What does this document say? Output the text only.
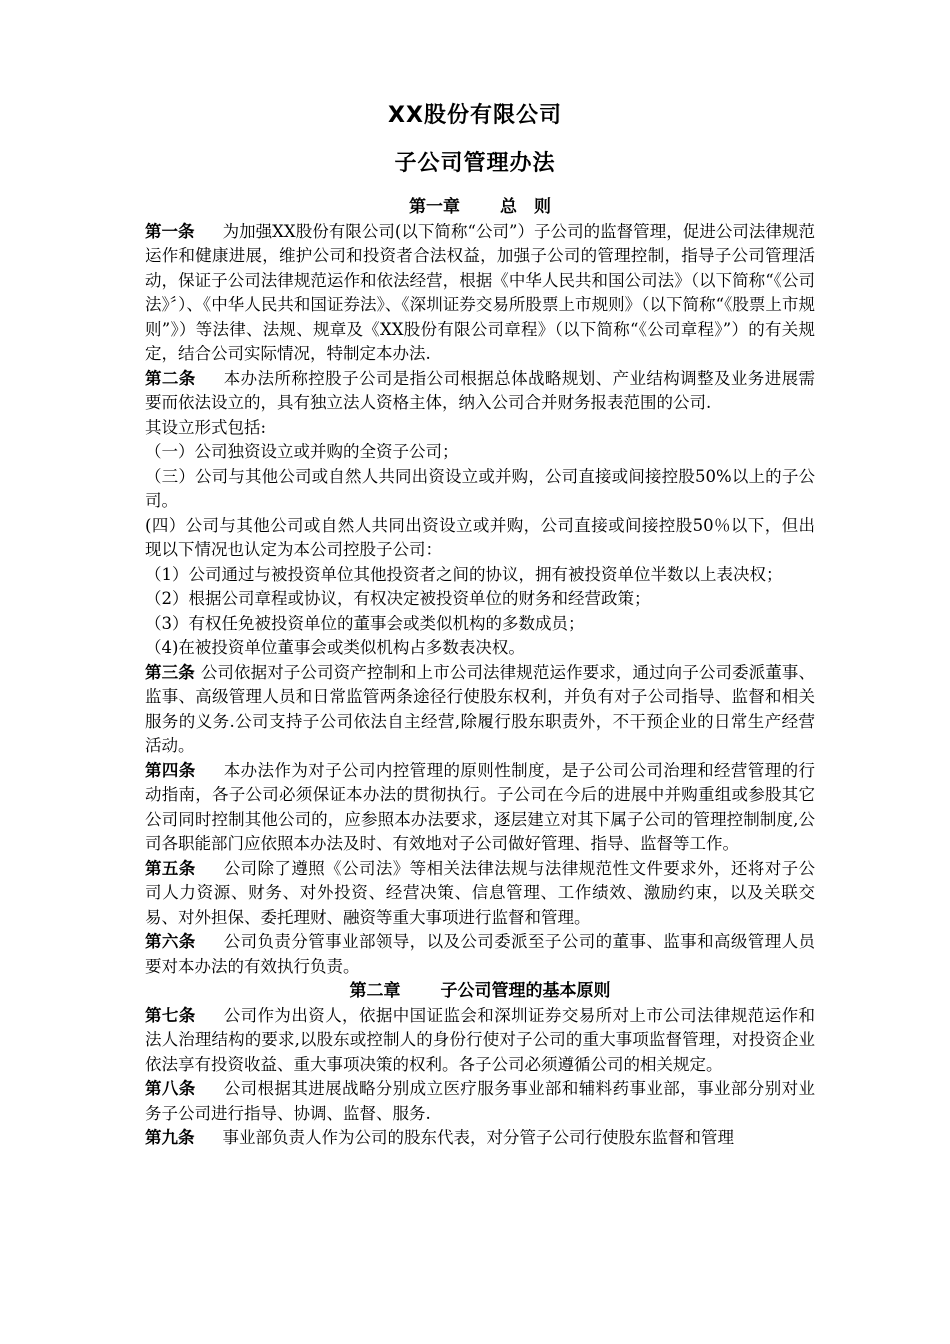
XX股份有限公司
子公司管理办法
第一章 总　则

第一条 为加强XX股份有限公司(以下简称“公司”）子公司的监督管理，促进公司法律规范运作和健康进展，维护公司和投资者合法权益，加强子公司的管理控制，指导子公司管理活动，保证子公司法律规范运作和依法经营，根据《中华人民共和国公司法》（以下简称“《公司法》〞）、《中华人民共和国证券法》、《深圳证券交易所股票上市规则》（以下简称“《股票上市规则”》）等法律、法规、规章及《XX股份有限公司章程》（以下简称“《公司章程》”）的有关规定，结合公司实际情况，特制定本办法.

第二条 本办法所称控股子公司是指公司根据总体战略规划、产业结构调整及业务进展需要而依法设立的，具有独立法人资格主体，纳入公司合并财务报表范围的公司.

其设立形式包括:

（一）公司独资设立或并购的全资子公司；

（三）公司与其他公司或自然人共同出资设立或并购，公司直接或间接控股50%以上的子公司。

(四）公司与其他公司或自然人共同出资设立或并购，公司直接或间接控股50％以下，但出现以下情况也认定为本公司控股子公司：

（1）公司通过与被投资单位其他投资者之间的协议，拥有被投资单位半数以上表决权；

（2）根据公司章程或协议，有权决定被投资单位的财务和经营政策；

（3）有权任免被投资单位的董事会或类似机构的多数成员；

（4)在被投资单位董事会或类似机构占多数表决权。

第三条 公司依据对子公司资产控制和上市公司法律规范运作要求，通过向子公司委派董事、监事、高级管理人员和日常监管两条途径行使股东权利，并负有对子公司指导、监督和相关服务的义务.公司支持子公司依法自主经营,除履行股东职责外，不干预企业的日常生产经营活动。

第四条 本办法作为对子公司内控管理的原则性制度，是子公司公司治理和经营管理的行动指南，各子公司必须保证本办法的贯彻执行。子公司在今后的进展中并购重组或参股其它公司同时控制其他公司的，应参照本办法要求，逐层建立对其下属子公司的管理控制制度,公司各职能部门应依照本办法及时、有效地对子公司做好管理、指导、监督等工作。

第五条 公司除了遵照《公司法》等相关法律法规与法律规范性文件要求外，还将对子公司人力资源、财务、对外投资、经营决策、信息管理、工作绩效、激励约束，以及关联交易、对外担保、委托理财、融资等重大事项进行监督和管理。

第六条 公司负责分管事业部领导，以及公司委派至子公司的董事、监事和高级管理人员要对本办法的有效执行负责。

第二章 子公司管理的基本原则

第七条 公司作为出资人，依据中国证监会和深圳证券交易所对上市公司法律规范运作和法人治理结构的要求,以股东或控制人的身份行使对子公司的重大事项监督管理，对投资企业依法享有投资收益、重大事项决策的权利。各子公司必须遵循公司的相关规定。

第八条 公司根据其进展战略分别成立医疗服务事业部和辅料药事业部，事业部分别对业务子公司进行指导、协调、监督、服务.

第九条 事业部负责人作为公司的股东代表，对分管子公司行使股东监督和管理
